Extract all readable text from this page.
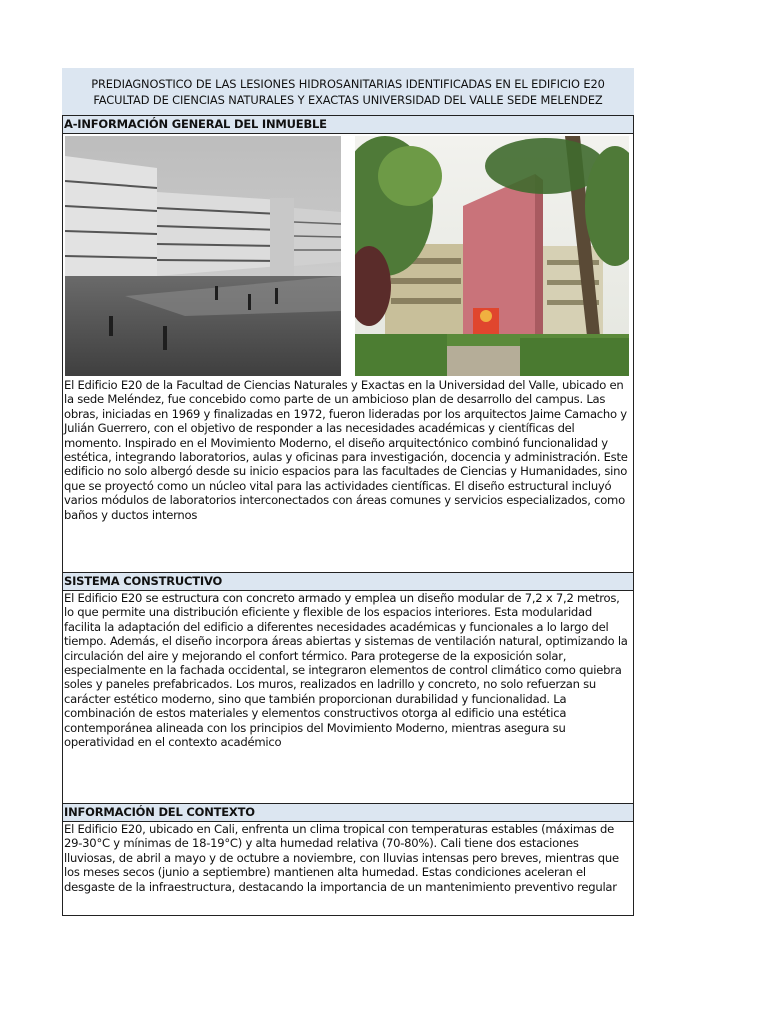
PREDIAGNOSTICO DE LAS LESIONES HIDROSANITARIAS IDENTIFICADAS EN EL EDIFICIO E20
FACULTAD DE CIENCIAS NATURALES Y EXACTAS UNIVERSIDAD DEL VALLE SEDE MELENDEZ
A-INFORMACIÓN GENERAL DEL INMUEBLE
El Edificio E20 de la Facultad de Ciencias Naturales y Exactas en la Universidad del Valle, ubicado en la sede Meléndez, fue concebido como parte de un ambicioso plan de desarrollo del campus. Las obras, iniciadas en 1969 y finalizadas en 1972, fueron lideradas por los arquitectos Jaime Camacho y Julián Guerrero, con el objetivo de responder a las necesidades académicas y científicas del momento. Inspirado en el Movimiento Moderno, el diseño arquitectónico combinó funcionalidad y estética, integrando laboratorios, aulas y oficinas para investigación, docencia y administración. Este edificio no solo albergó desde su inicio espacios para las facultades de Ciencias y Humanidades, sino que se proyectó como un núcleo vital para las actividades científicas. El diseño estructural incluyó varios módulos de laboratorios interconectados con áreas comunes y servicios especializados, como baños y ductos internos
SISTEMA CONSTRUCTIVO
El Edificio E20 se estructura con concreto armado y emplea un diseño modular de 7,2 x 7,2 metros, lo que permite una distribución eficiente y flexible de los espacios interiores. Esta modularidad facilita la adaptación del edificio a diferentes necesidades académicas y funcionales a lo largo del tiempo. Además, el diseño incorpora áreas abiertas y sistemas de ventilación natural, optimizando la circulación del aire y mejorando el confort térmico. Para protegerse de la exposición solar, especialmente en la fachada occidental, se integraron elementos de control climático como quiebra soles y paneles prefabricados. Los muros, realizados en ladrillo y concreto, no solo refuerzan su carácter estético moderno, sino que también proporcionan durabilidad y funcionalidad. La combinación de estos materiales y elementos constructivos otorga al edificio una estética contemporánea alineada con los principios del Movimiento Moderno, mientras asegura su operatividad en el contexto académico
INFORMACIÓN DEL CONTEXTO
El Edificio E20, ubicado en Cali, enfrenta un clima tropical con temperaturas estables (máximas de 29-30°C y mínimas de 18-19°C) y alta humedad relativa (70-80%). Cali tiene dos estaciones lluviosas, de abril a mayo y de octubre a noviembre, con lluvias intensas pero breves, mientras que los meses secos (junio a septiembre) mantienen alta humedad. Estas condiciones aceleran el desgaste de la infraestructura, destacando la importancia de un mantenimiento preventivo regular
